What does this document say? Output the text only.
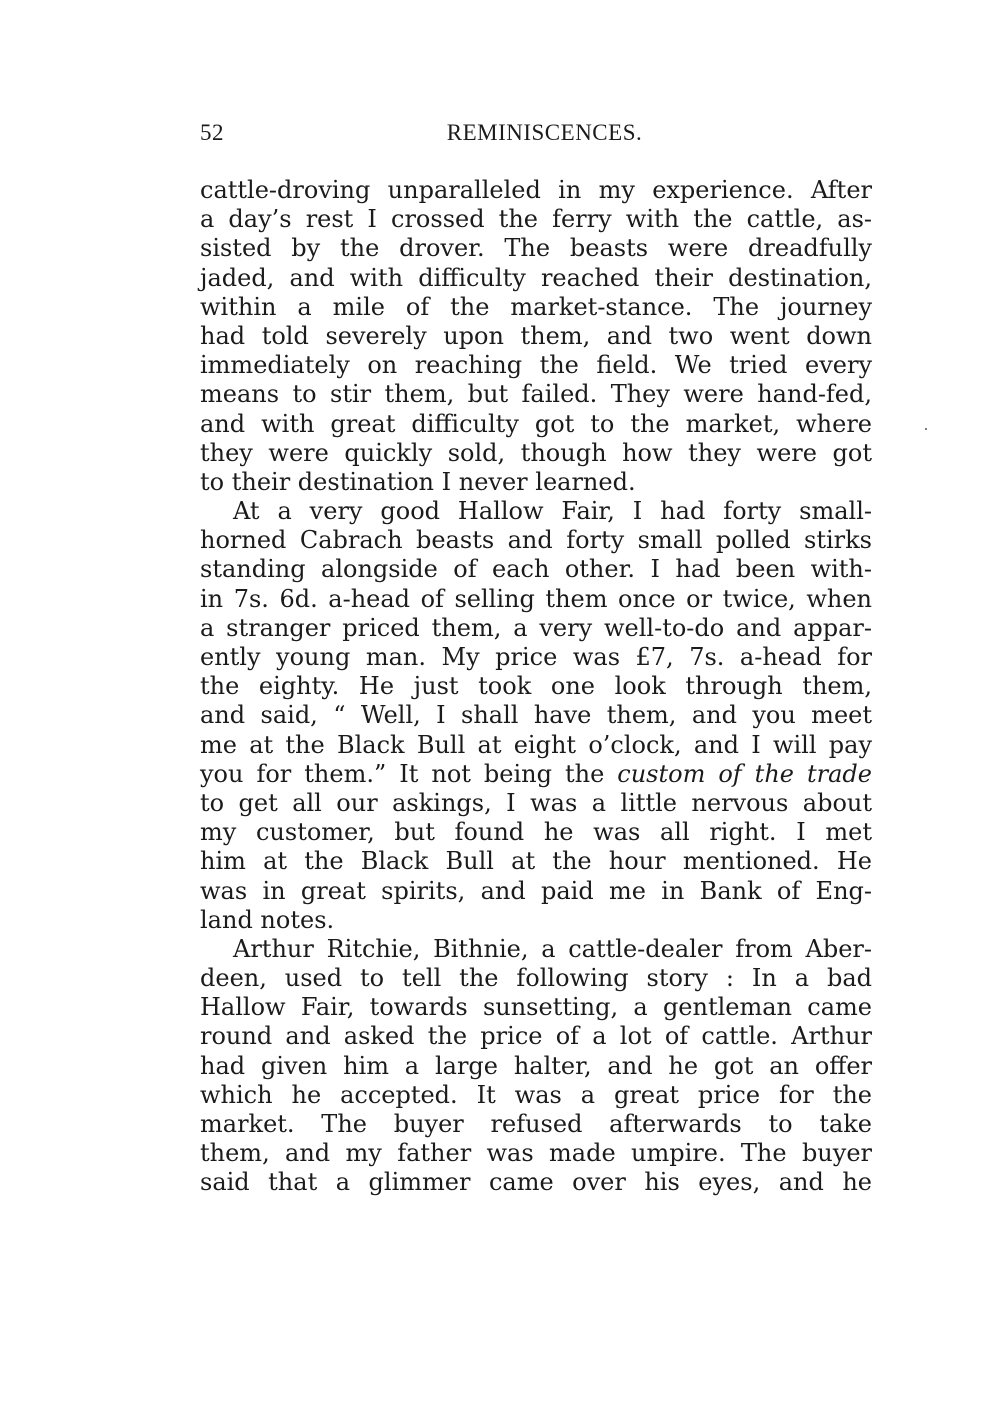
52	REMINISCENCES.
cattle-droving unparalleled in my experience. After
a day’s rest I crossed the ferry with the cattle, as-
sisted by the drover. The beasts were dreadfully
jaded, and with difficulty reached their destination,
within a mile of the market-stance. The journey
had told severely upon them, and two went down
immediately on reaching the field. We tried every
means to stir them, but failed. They were hand-fed,
and with great difficulty got to the market, where
they were quickly sold, though how they were got
to their destination I never learned.
At a very good Hallow Fair, I had forty small-
horned Cabrach beasts and forty small polled stirks
standing alongside of each other. I had been with-
in 7s. 6d. a-head of selling them once or twice, when
a stranger priced them, a very well-to-do and appar-
ently young man. My price was £7, 7s. a-head for
the eighty. He just took one look through them,
and said, “ Well, I shall have them, and you meet
me at the Black Bull at eight o’clock, and I will pay
you for them.” It not being the custom of the trade
to get all our askings, I was a little nervous about
my customer, but found he was all right. I met
him at the Black Bull at the hour mentioned. He
was in great spirits, and paid me in Bank of Eng-
land notes.
Arthur Ritchie, Bithnie, a cattle-dealer from Aber-
deen, used to tell the following story : In a bad
Hallow Fair, towards sunsetting, a gentleman came
round and asked the price of a lot of cattle. Arthur
had given him a large halter, and he got an offer
which he accepted. It was a great price for the
market. The buyer refused afterwards to take
them, and my father was made umpire. The buyer
said that a glimmer came over his eyes, and he
